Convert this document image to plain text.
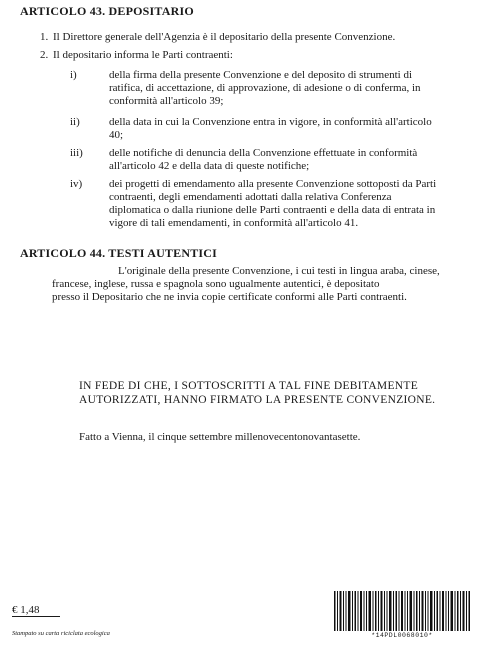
ARTICOLO 43. DEPOSITARIO
1. Il Direttore generale dell'Agenzia è il depositario della presente Convenzione.
2. Il depositario informa le Parti contraenti:
i)	della firma della presente Convenzione e del deposito di strumenti di
ratifica, di accettazione, di approvazione, di adesione o di conferma, in
conformità all'articolo 39;
ii)	della data in cui la Convenzione entra in vigore, in conformità all'articolo
40;
iii) delle notifiche di denuncia della Convenzione effettuate in conformità
all'articolo 42 e della data di queste notifiche;
iv) dei progetti di emendamento alla presente Convenzione sottoposti da Parti
contraenti, degli emendamenti adottati dalla relativa Conferenza
diplomatica o dalla riunione delle Parti contraenti e della data di entrata in
vigore di tali emendamenti, in conformità all'articolo 41.
ARTICOLO 44. TESTI AUTENTICI
L'originale della presente Convenzione, i cui testi in lingua araba, cinese,
francese, inglese, russa e spagnola sono ugualmente autentici, è depositato
presso il Depositario che ne invia copie certificate conformi alle Parti contraenti.
IN FEDE DI CHE, I SOTTOSCRITTI A TAL FINE DEBITAMENTE
AUTORIZZATI, HANNO FIRMATO LA PRESENTE CONVENZIONE.
Fatto a Vienna, il cinque settembre millenovecentonovantasette.
€ 1,48
Stampato su carta riciclata ecologica	*14PDL0068010*
